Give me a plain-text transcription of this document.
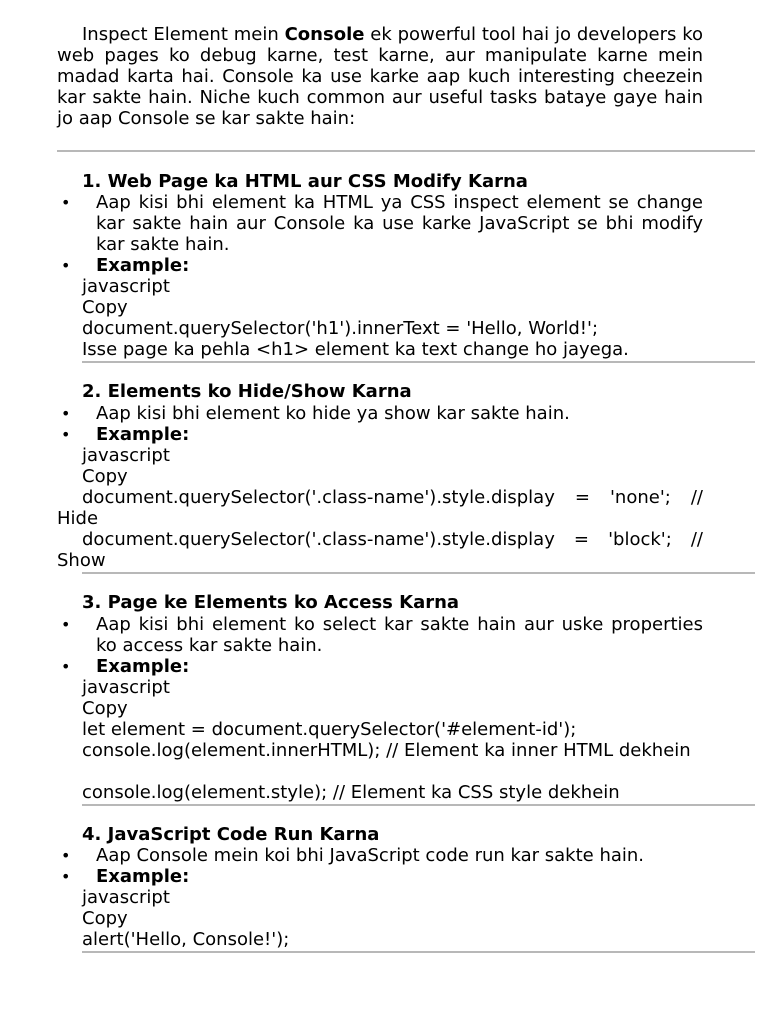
Inspect Element mein Console ek powerful tool hai jo developers ko web pages ko debug karne, test karne, aur manipulate karne mein madad karta hai. Console ka use karke aap kuch interesting cheezein kar sakte hain. Niche kuch common aur useful tasks bataye gaye hain jo aap Console se kar sakte hain:

1. Web Page ka HTML aur CSS Modify Karna
• Aap kisi bhi element ka HTML ya CSS inspect element se change kar sakte hain aur Console ka use karke JavaScript se bhi modify kar sakte hain.
• Example:
javascript
Copy
document.querySelector('h1').innerText = 'Hello, World!';
Isse page ka pehla <h1> element ka text change ho jayega.
2. Elements ko Hide/Show Karna
• Aap kisi bhi element ko hide ya show kar sakte hain.
• Example:
javascript
Copy

document.querySelector('.class-name').style.display = 'none'; // Hide

document.querySelector('.class-name').style.display = 'block'; // Show

3. Page ke Elements ko Access Karna
• Aap kisi bhi element ko select kar sakte hain aur uske properties ko access kar sakte hain.
• Example:
javascript
Copy
let element = document.querySelector('#element-id');

console.log(element.innerHTML); // Element ka inner HTML dekhein

console.log(element.style); // Element ka CSS style dekhein
4. JavaScript Code Run Karna
• Aap Console mein koi bhi JavaScript code run kar sakte hain.
• Example:
javascript
Copy
alert('Hello, Console!');
